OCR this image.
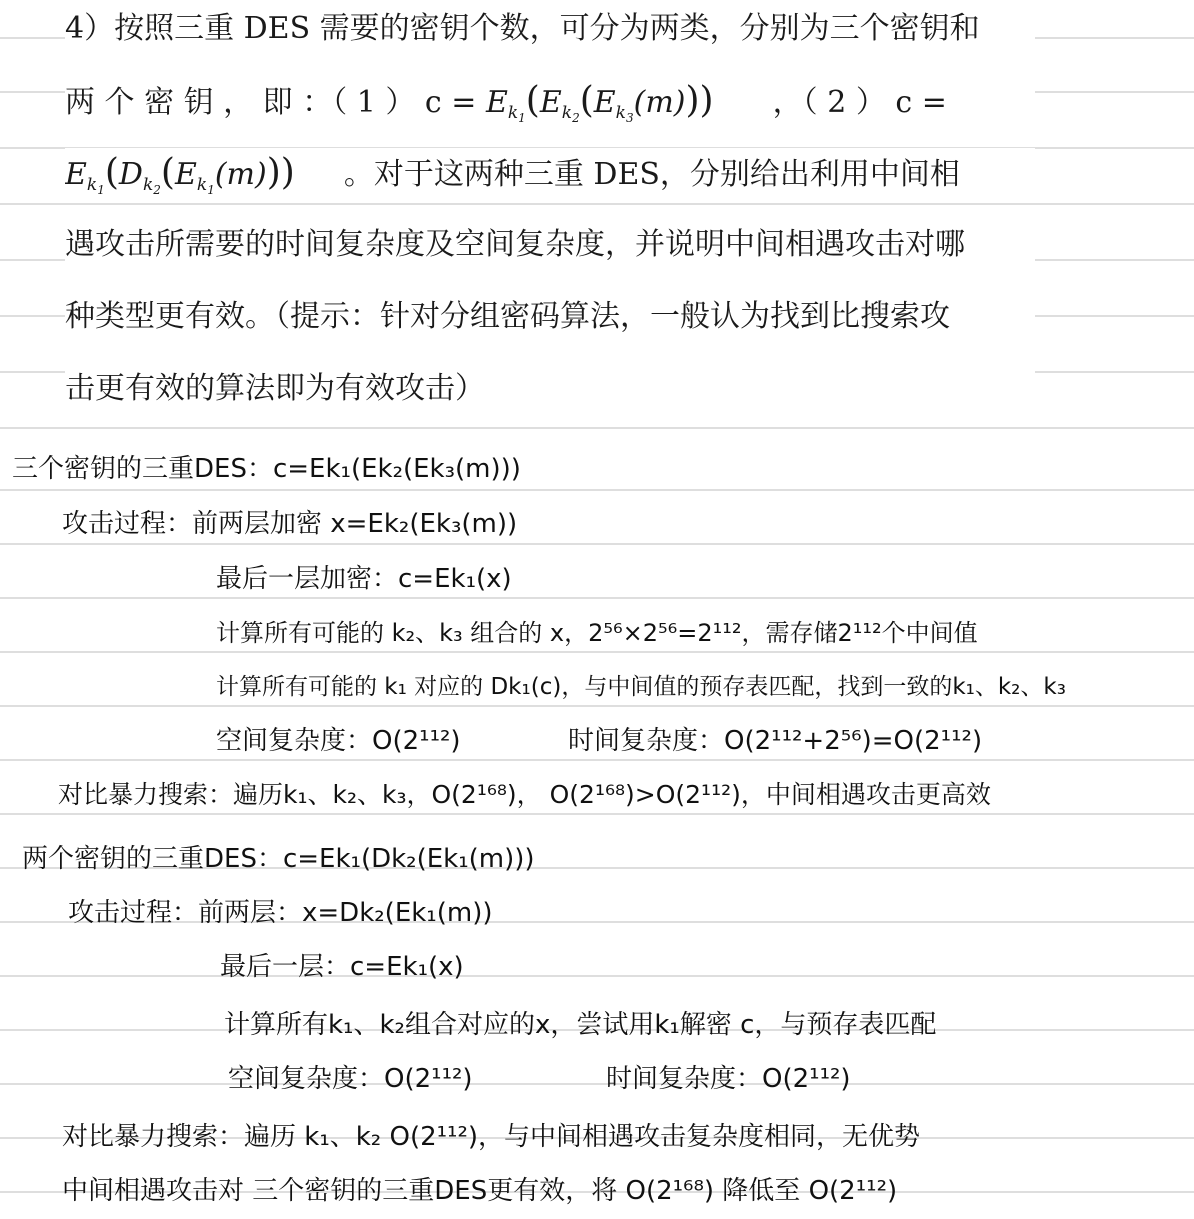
4）按照三重 DES 需要的密钥个数，可分为两类，分别为三个密钥和
两 个 密 钥 ， 即 ：（ 1 ） $c = E_{k_1}(E_{k_2}(E_{k_3}(m)))$ ，（ 2 ） c =
$E_{k_1}(D_{k_2}(E_{k_1}(m)))$ 。对于这两种三重 DES，分别给出利用中间相
遇攻击所需要的时间复杂度及空间复杂度，并说明中间相遇攻击对哪
种类型更有效。（提示：针对分组密码算法，一般认为找到比搜索攻
击更有效的算法即为有效攻击）
三个密钥的三重DES：c=Ek₁(Ek₂(Ek₃(m)))
攻击过程：前两层加密 x=Ek₂(Ek₃(m))
最后一层加密：c=Ek₁(x)
计算所有可能的 k₂、k₃ 组合的 x，2⁵⁶×2⁵⁶=2¹¹²，需存储2¹¹²个中间值
计算所有可能的 k₁ 对应的 Dk₁(c)，与中间值的预存表匹配，找到一致的k₁、k₂、k₃
空间复杂度：O(2¹¹²)	时间复杂度：O(2¹¹²+2⁵⁶)=O(2¹¹²)
对比暴力搜索：遍历k₁、k₂、k₃，O(2¹⁶⁸)， O(2¹⁶⁸)>O(2¹¹²)，中间相遇攻击更高效
两个密钥的三重DES：c=Ek₁(Dk₂(Ek₁(m)))
攻击过程：前两层：x=Dk₂(Ek₁(m))
最后一层：c=Ek₁(x)
计算所有k₁、k₂组合对应的x，尝试用k₁解密 c，与预存表匹配
空间复杂度：O(2¹¹²)	时间复杂度：O(2¹¹²)
对比暴力搜索：遍历 k₁、k₂ O(2¹¹²)，与中间相遇攻击复杂度相同，无优势
中间相遇攻击对 三个密钥的三重DES更有效，将 O(2¹⁶⁸) 降低至 O(2¹¹²)
